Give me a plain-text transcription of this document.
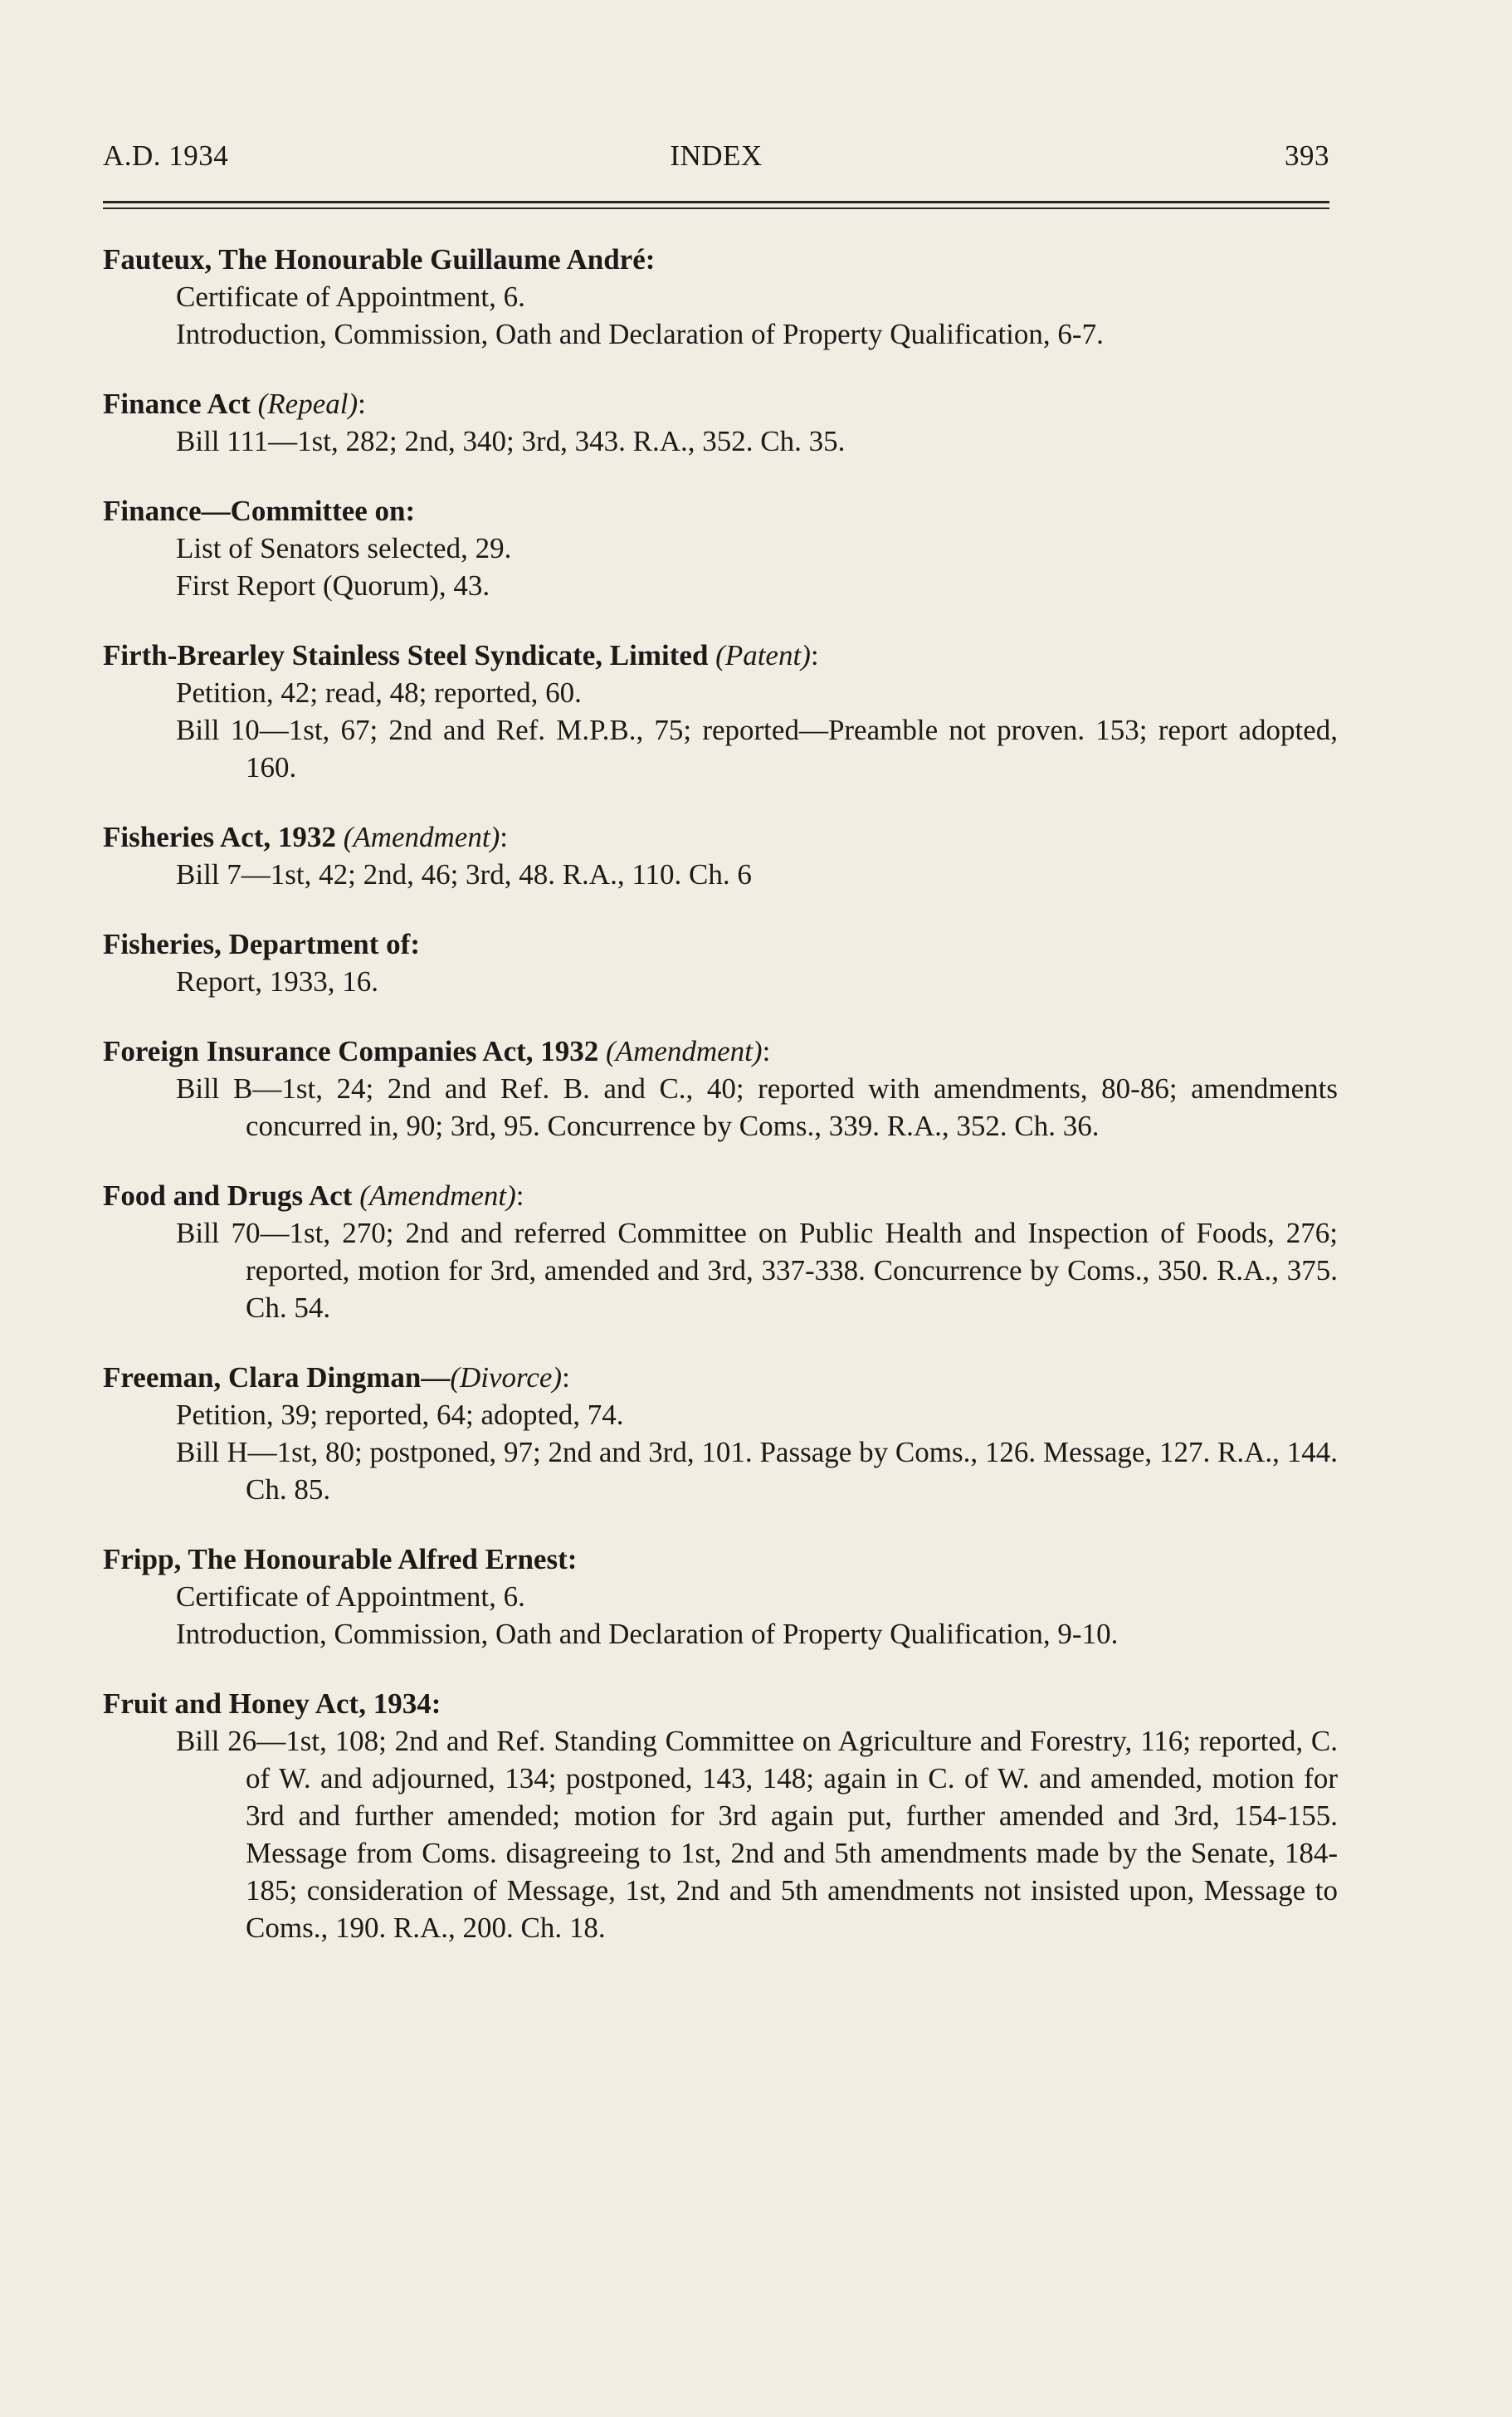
A.D. 1934	INDEX	393
Fauteux, The Honourable Guillaume André:
Certificate of Appointment, 6.
Introduction, Commission, Oath and Declaration of Property Qualification, 6-7.
Finance Act (Repeal):
Bill 111—1st, 282; 2nd, 340; 3rd, 343. R.A., 352. Ch. 35.
Finance—Committee on:
List of Senators selected, 29.
First Report (Quorum), 43.
Firth-Brearley Stainless Steel Syndicate, Limited (Patent):
Petition, 42; read, 48; reported, 60.
Bill 10—1st, 67; 2nd and Ref. M.P.B., 75; reported—Preamble not proven. 153; report adopted, 160.
Fisheries Act, 1932 (Amendment):
Bill 7—1st, 42; 2nd, 46; 3rd, 48. R.A., 110. Ch. 6
Fisheries, Department of:
Report, 1933, 16.
Foreign Insurance Companies Act, 1932 (Amendment):
Bill B—1st, 24; 2nd and Ref. B. and C., 40; reported with amendments, 80-86; amendments concurred in, 90; 3rd, 95. Concurrence by Coms., 339. R.A., 352. Ch. 36.
Food and Drugs Act (Amendment):
Bill 70—1st, 270; 2nd and referred Committee on Public Health and Inspection of Foods, 276; reported, motion for 3rd, amended and 3rd, 337-338. Concurrence by Coms., 350. R.A., 375. Ch. 54.
Freeman, Clara Dingman—(Divorce):
Petition, 39; reported, 64; adopted, 74.
Bill H—1st, 80; postponed, 97; 2nd and 3rd, 101. Passage by Coms., 126. Message, 127. R.A., 144. Ch. 85.
Fripp, The Honourable Alfred Ernest:
Certificate of Appointment, 6.
Introduction, Commission, Oath and Declaration of Property Qualification, 9-10.
Fruit and Honey Act, 1934:
Bill 26—1st, 108; 2nd and Ref. Standing Committee on Agriculture and Forestry, 116; reported, C. of W. and adjourned, 134; postponed, 143, 148; again in C. of W. and amended, motion for 3rd and further amended; motion for 3rd again put, further amended and 3rd, 154-155. Message from Coms. disagreeing to 1st, 2nd and 5th amendments made by the Senate, 184-185; consideration of Message, 1st, 2nd and 5th amendments not insisted upon, Message to Coms., 190. R.A., 200. Ch. 18.
